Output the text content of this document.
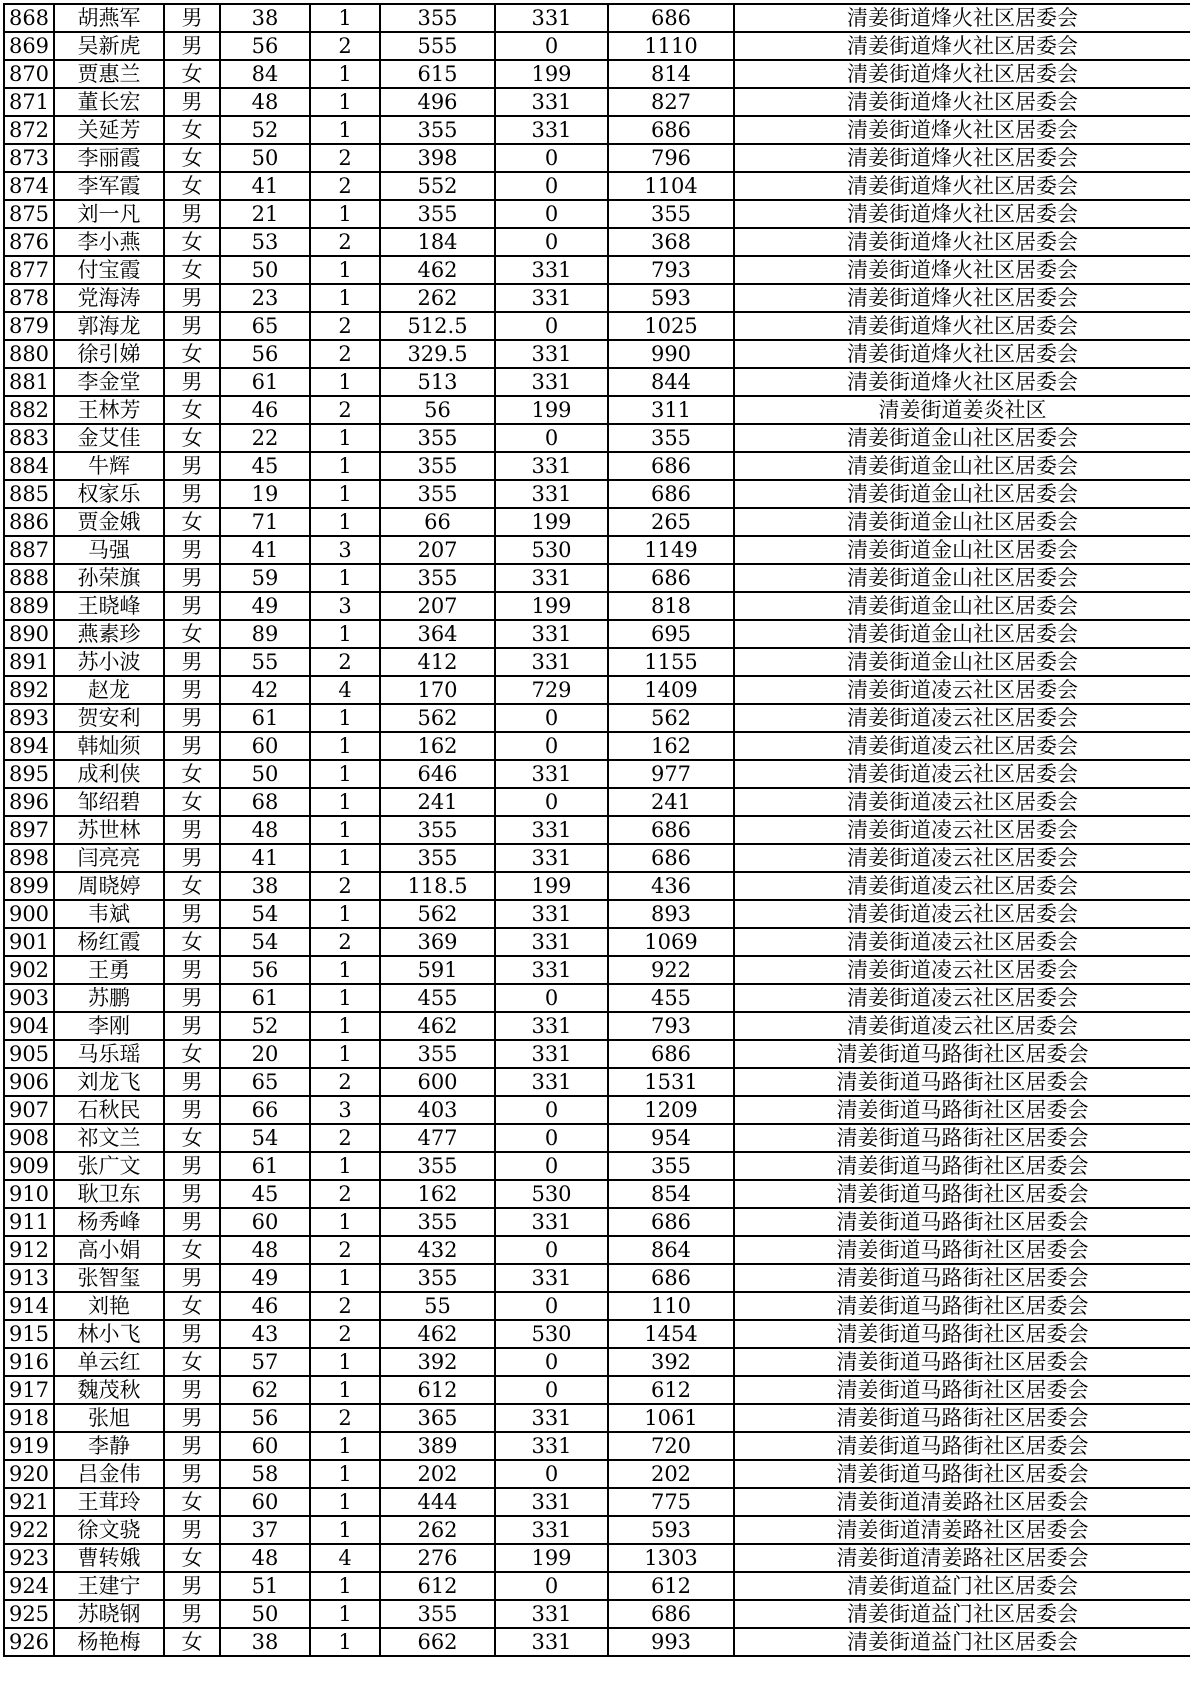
868	胡燕军	男	38	1	355	331	686	清姜街道烽火社区居委会
869	吴新虎	男	56	2	555	0	1110	清姜街道烽火社区居委会
870	贾惠兰	女	84	1	615	199	814	清姜街道烽火社区居委会
871	董长宏	男	48	1	496	331	827	清姜街道烽火社区居委会
872	关延芳	女	52	1	355	331	686	清姜街道烽火社区居委会
873	李丽霞	女	50	2	398	0	796	清姜街道烽火社区居委会
874	李军霞	女	41	2	552	0	1104	清姜街道烽火社区居委会
875	刘一凡	男	21	1	355	0	355	清姜街道烽火社区居委会
876	李小燕	女	53	2	184	0	368	清姜街道烽火社区居委会
877	付宝霞	女	50	1	462	331	793	清姜街道烽火社区居委会
878	党海涛	男	23	1	262	331	593	清姜街道烽火社区居委会
879	郭海龙	男	65	2	512.5	0	1025	清姜街道烽火社区居委会
880	徐引娣	女	56	2	329.5	331	990	清姜街道烽火社区居委会
881	李金堂	男	61	1	513	331	844	清姜街道烽火社区居委会
882	王林芳	女	46	2	56	199	311	清姜街道姜炎社区
883	金艾佳	女	22	1	355	0	355	清姜街道金山社区居委会
884	牛辉	男	45	1	355	331	686	清姜街道金山社区居委会
885	权家乐	男	19	1	355	331	686	清姜街道金山社区居委会
886	贾金娥	女	71	1	66	199	265	清姜街道金山社区居委会
887	马强	男	41	3	207	530	1149	清姜街道金山社区居委会
888	孙荣旗	男	59	1	355	331	686	清姜街道金山社区居委会
889	王晓峰	男	49	3	207	199	818	清姜街道金山社区居委会
890	燕素珍	女	89	1	364	331	695	清姜街道金山社区居委会
891	苏小波	男	55	2	412	331	1155	清姜街道金山社区居委会
892	赵龙	男	42	4	170	729	1409	清姜街道凌云社区居委会
893	贺安利	男	61	1	562	0	562	清姜街道凌云社区居委会
894	韩灿须	男	60	1	162	0	162	清姜街道凌云社区居委会
895	成利侠	女	50	1	646	331	977	清姜街道凌云社区居委会
896	邹绍碧	女	68	1	241	0	241	清姜街道凌云社区居委会
897	苏世林	男	48	1	355	331	686	清姜街道凌云社区居委会
898	闫亮亮	男	41	1	355	331	686	清姜街道凌云社区居委会
899	周晓婷	女	38	2	118.5	199	436	清姜街道凌云社区居委会
900	韦斌	男	54	1	562	331	893	清姜街道凌云社区居委会
901	杨红霞	女	54	2	369	331	1069	清姜街道凌云社区居委会
902	王勇	男	56	1	591	331	922	清姜街道凌云社区居委会
903	苏鹏	男	61	1	455	0	455	清姜街道凌云社区居委会
904	李刚	男	52	1	462	331	793	清姜街道凌云社区居委会
905	马乐瑶	女	20	1	355	331	686	清姜街道马路街社区居委会
906	刘龙飞	男	65	2	600	331	1531	清姜街道马路街社区居委会
907	石秋民	男	66	3	403	0	1209	清姜街道马路街社区居委会
908	祁文兰	女	54	2	477	0	954	清姜街道马路街社区居委会
909	张广文	男	61	1	355	0	355	清姜街道马路街社区居委会
910	耿卫东	男	45	2	162	530	854	清姜街道马路街社区居委会
911	杨秀峰	男	60	1	355	331	686	清姜街道马路街社区居委会
912	高小娟	女	48	2	432	0	864	清姜街道马路街社区居委会
913	张智玺	男	49	1	355	331	686	清姜街道马路街社区居委会
914	刘艳	女	46	2	55	0	110	清姜街道马路街社区居委会
915	林小飞	男	43	2	462	530	1454	清姜街道马路街社区居委会
916	单云红	女	57	1	392	0	392	清姜街道马路街社区居委会
917	魏茂秋	男	62	1	612	0	612	清姜街道马路街社区居委会
918	张旭	男	56	2	365	331	1061	清姜街道马路街社区居委会
919	李静	男	60	1	389	331	720	清姜街道马路街社区居委会
920	吕金伟	男	58	1	202	0	202	清姜街道马路街社区居委会
921	王茸玲	女	60	1	444	331	775	清姜街道清姜路社区居委会
922	徐文骁	男	37	1	262	331	593	清姜街道清姜路社区居委会
923	曹转娥	女	48	4	276	199	1303	清姜街道清姜路社区居委会
924	王建宁	男	51	1	612	0	612	清姜街道益门社区居委会
925	苏晓钢	男	50	1	355	331	686	清姜街道益门社区居委会
926	杨艳梅	女	38	1	662	331	993	清姜街道益门社区居委会
